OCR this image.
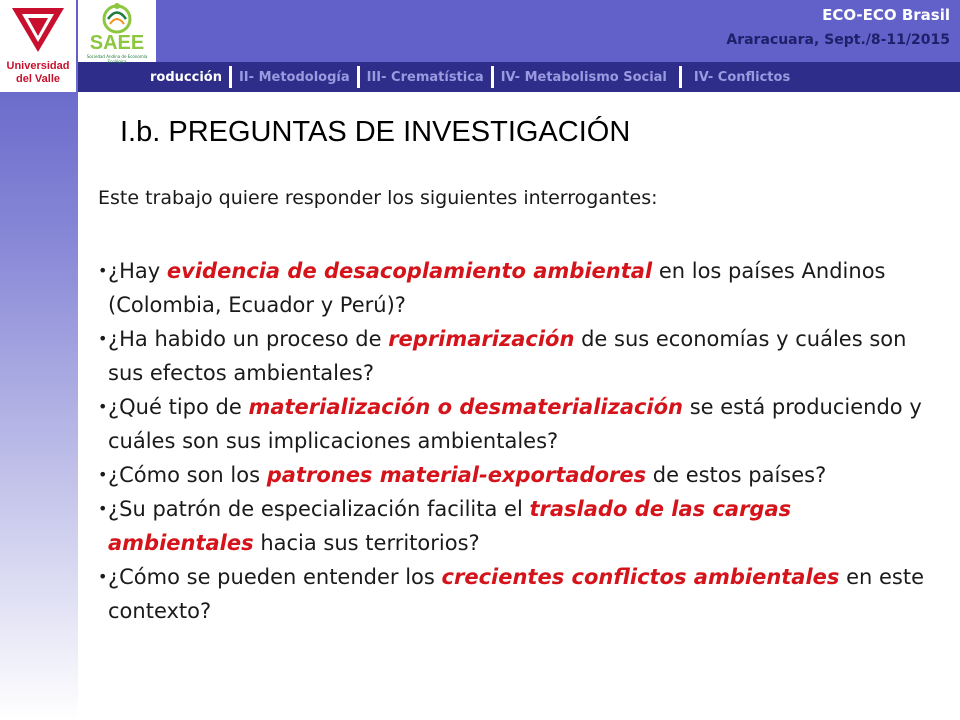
Universidad
del Valle
SAEE
Sociedad Andina de Economía Ecológica
ECO-ECO Brasil
Araracuara, Sept./8-11/2015
roducción II- Metodología III- Crematística IV- Metabolismo Social IV- Conflictos
I.b. PREGUNTAS DE INVESTIGACIÓN
Este trabajo quiere responder los siguientes interrogantes:
• ¿Hay evidencia de desacoplamiento ambiental en los países Andinos (Colombia, Ecuador y Perú)?
• ¿Ha habido un proceso de reprimarización de sus economías y cuáles son sus efectos ambientales?
• ¿Qué tipo de materialización o desmaterialización se está produciendo y cuáles son sus implicaciones ambientales?
• ¿Cómo son los patrones material-exportadores de estos países?
• ¿Su patrón de especialización facilita el traslado de las cargas ambientales hacia sus territorios?
• ¿Cómo se pueden entender los crecientes conflictos ambientales en este contexto?
